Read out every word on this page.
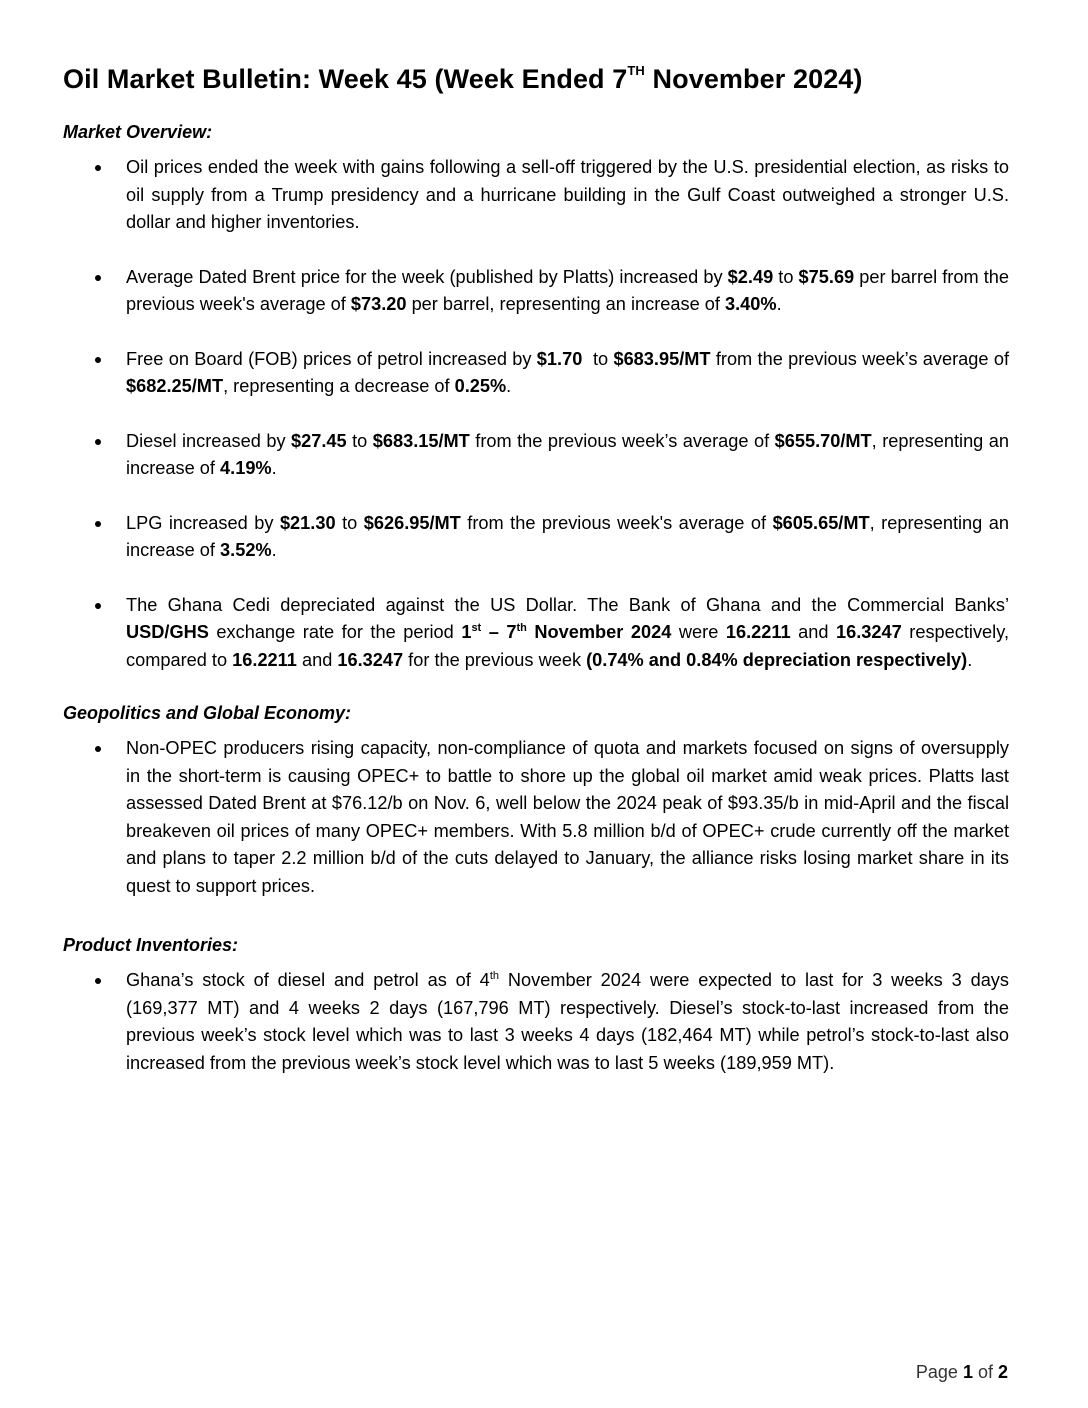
Oil Market Bulletin: Week 45 (Week Ended 7TH November 2024)

Market Overview:

Oil prices ended the week with gains following a sell-off triggered by the U.S. presidential election, as risks to oil supply from a Trump presidency and a hurricane building in the Gulf Coast outweighed a stronger U.S. dollar and higher inventories.
Average Dated Brent price for the week (published by Platts) increased by $2.49 to $75.69 per barrel from the previous week's average of $73.20 per barrel, representing an increase of 3.40%.
Free on Board (FOB) prices of petrol increased by $1.70  to $683.95/MT from the previous week’s average of $682.25/MT, representing a decrease of 0.25%.
Diesel increased by $27.45 to $683.15/MT from the previous week’s average of $655.70/MT, representing an increase of 4.19%.
LPG increased by $21.30 to $626.95/MT from the previous week's average of $605.65/MT, representing an increase of 3.52%.
The Ghana Cedi depreciated against the US Dollar. The Bank of Ghana and the Commercial Banks’ USD/GHS exchange rate for the period 1st – 7th November 2024 were 16.2211 and 16.3247 respectively, compared to 16.2211 and 16.3247 for the previous week (0.74% and 0.84% depreciation respectively).

Geopolitics and Global Economy:

Non-OPEC producers rising capacity, non-compliance of quota and markets focused on signs of oversupply in the short-term is causing OPEC+ to battle to shore up the global oil market amid weak prices. Platts last assessed Dated Brent at $76.12/b on Nov. 6, well below the 2024 peak of $93.35/b in mid-April and the fiscal breakeven oil prices of many OPEC+ members. With 5.8 million b/d of OPEC+ crude currently off the market and plans to taper 2.2 million b/d of the cuts delayed to January, the alliance risks losing market share in its quest to support prices.

Product Inventories:

Ghana’s stock of diesel and petrol as of 4th November 2024 were expected to last for 3 weeks 3 days (169,377 MT) and 4 weeks 2 days (167,796 MT) respectively. Diesel’s stock-to-last increased from the previous week’s stock level which was to last 3 weeks 4 days (182,464 MT) while petrol’s stock-to-last also increased from the previous week’s stock level which was to last 5 weeks (189,959 MT).
Page 1 of 2
